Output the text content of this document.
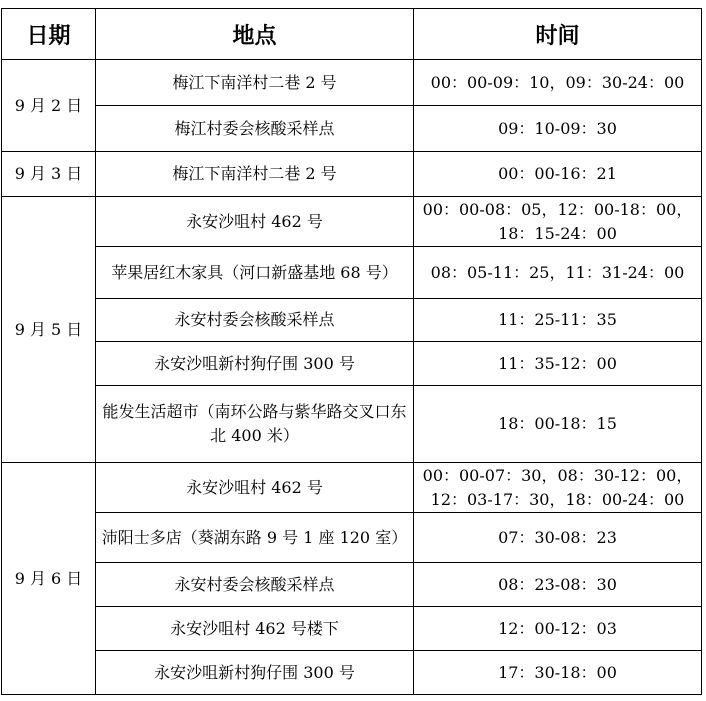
日期	地点	时间
9 月 2 日	梅江下南洋村二巷 2 号	00：00-09：10，09：30-24：00
	梅江村委会核酸采样点	09：10-09：30
9 月 3 日	梅江下南洋村二巷 2 号	00：00-16：21
9 月 5 日	永安沙咀村 462 号	00：00-08：05，12：00-18：00，18：15-24：00
	苹果居红木家具（河口新盛基地 68 号）	08：05-11：25，11：31-24：00
	永安村委会核酸采样点	11：25-11：35
	永安沙咀新村狗仔围 300 号	11：35-12：00
	能发生活超市（南环公路与紫华路交叉口东北 400 米）	18：00-18：15
9 月 6 日	永安沙咀村 462 号	00：00-07：30，08：30-12：00，12：03-17：30，18：00-24：00
	沛阳士多店（葵湖东路 9 号 1 座 120 室）	07：30-08：23
	永安村委会核酸采样点	08：23-08：30
	永安沙咀村 462 号楼下	12：00-12：03
	永安沙咀新村狗仔围 300 号	17：30-18：00
